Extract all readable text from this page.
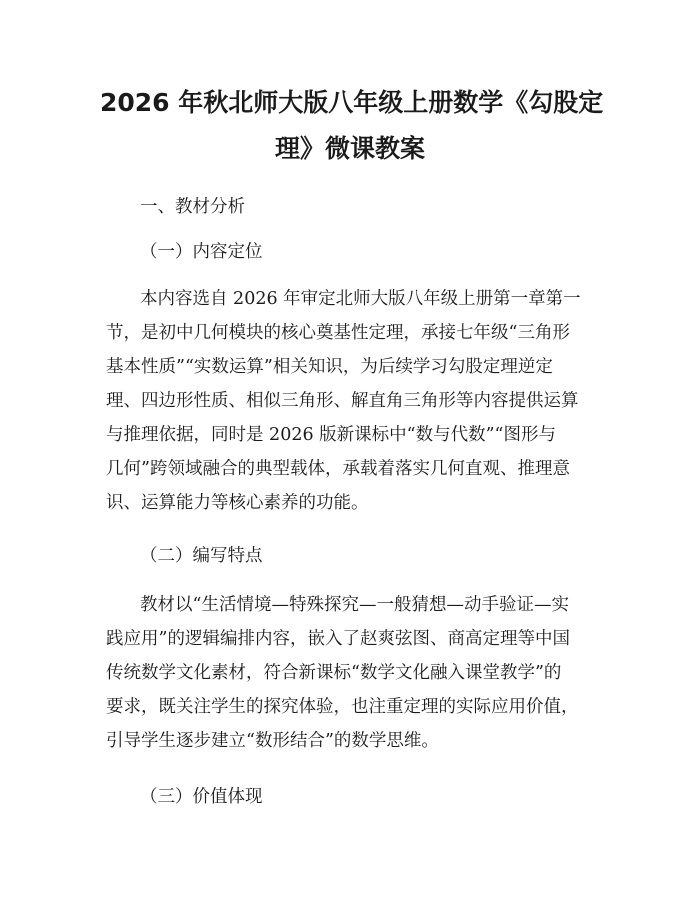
2026 年秋北师大版八年级上册数学《勾股定
理》微课教案

一、教材分析

（一）内容定位

本内容选自 2026 年审定北师大版八年级上册第一章第一

节，是初中几何模块的核心奠基性定理，承接七年级“三角形

基本性质”“实数运算”相关知识，为后续学习勾股定理逆定

理、四边形性质、相似三角形、解直角三角形等内容提供运算

与推理依据，同时是 2026 版新课标中“数与代数”“图形与

几何”跨领域融合的典型载体，承载着落实几何直观、推理意

识、运算能力等核心素养的功能。

（二）编写特点

教材以“生活情境—特殊探究—一般猜想—动手验证—实

践应用”的逻辑编排内容，嵌入了赵爽弦图、商高定理等中国

传统数学文化素材，符合新课标“数学文化融入课堂教学”的

要求，既关注学生的探究体验，也注重定理的实际应用价值，

引导学生逐步建立“数形结合”的数学思维。

（三）价值体现
